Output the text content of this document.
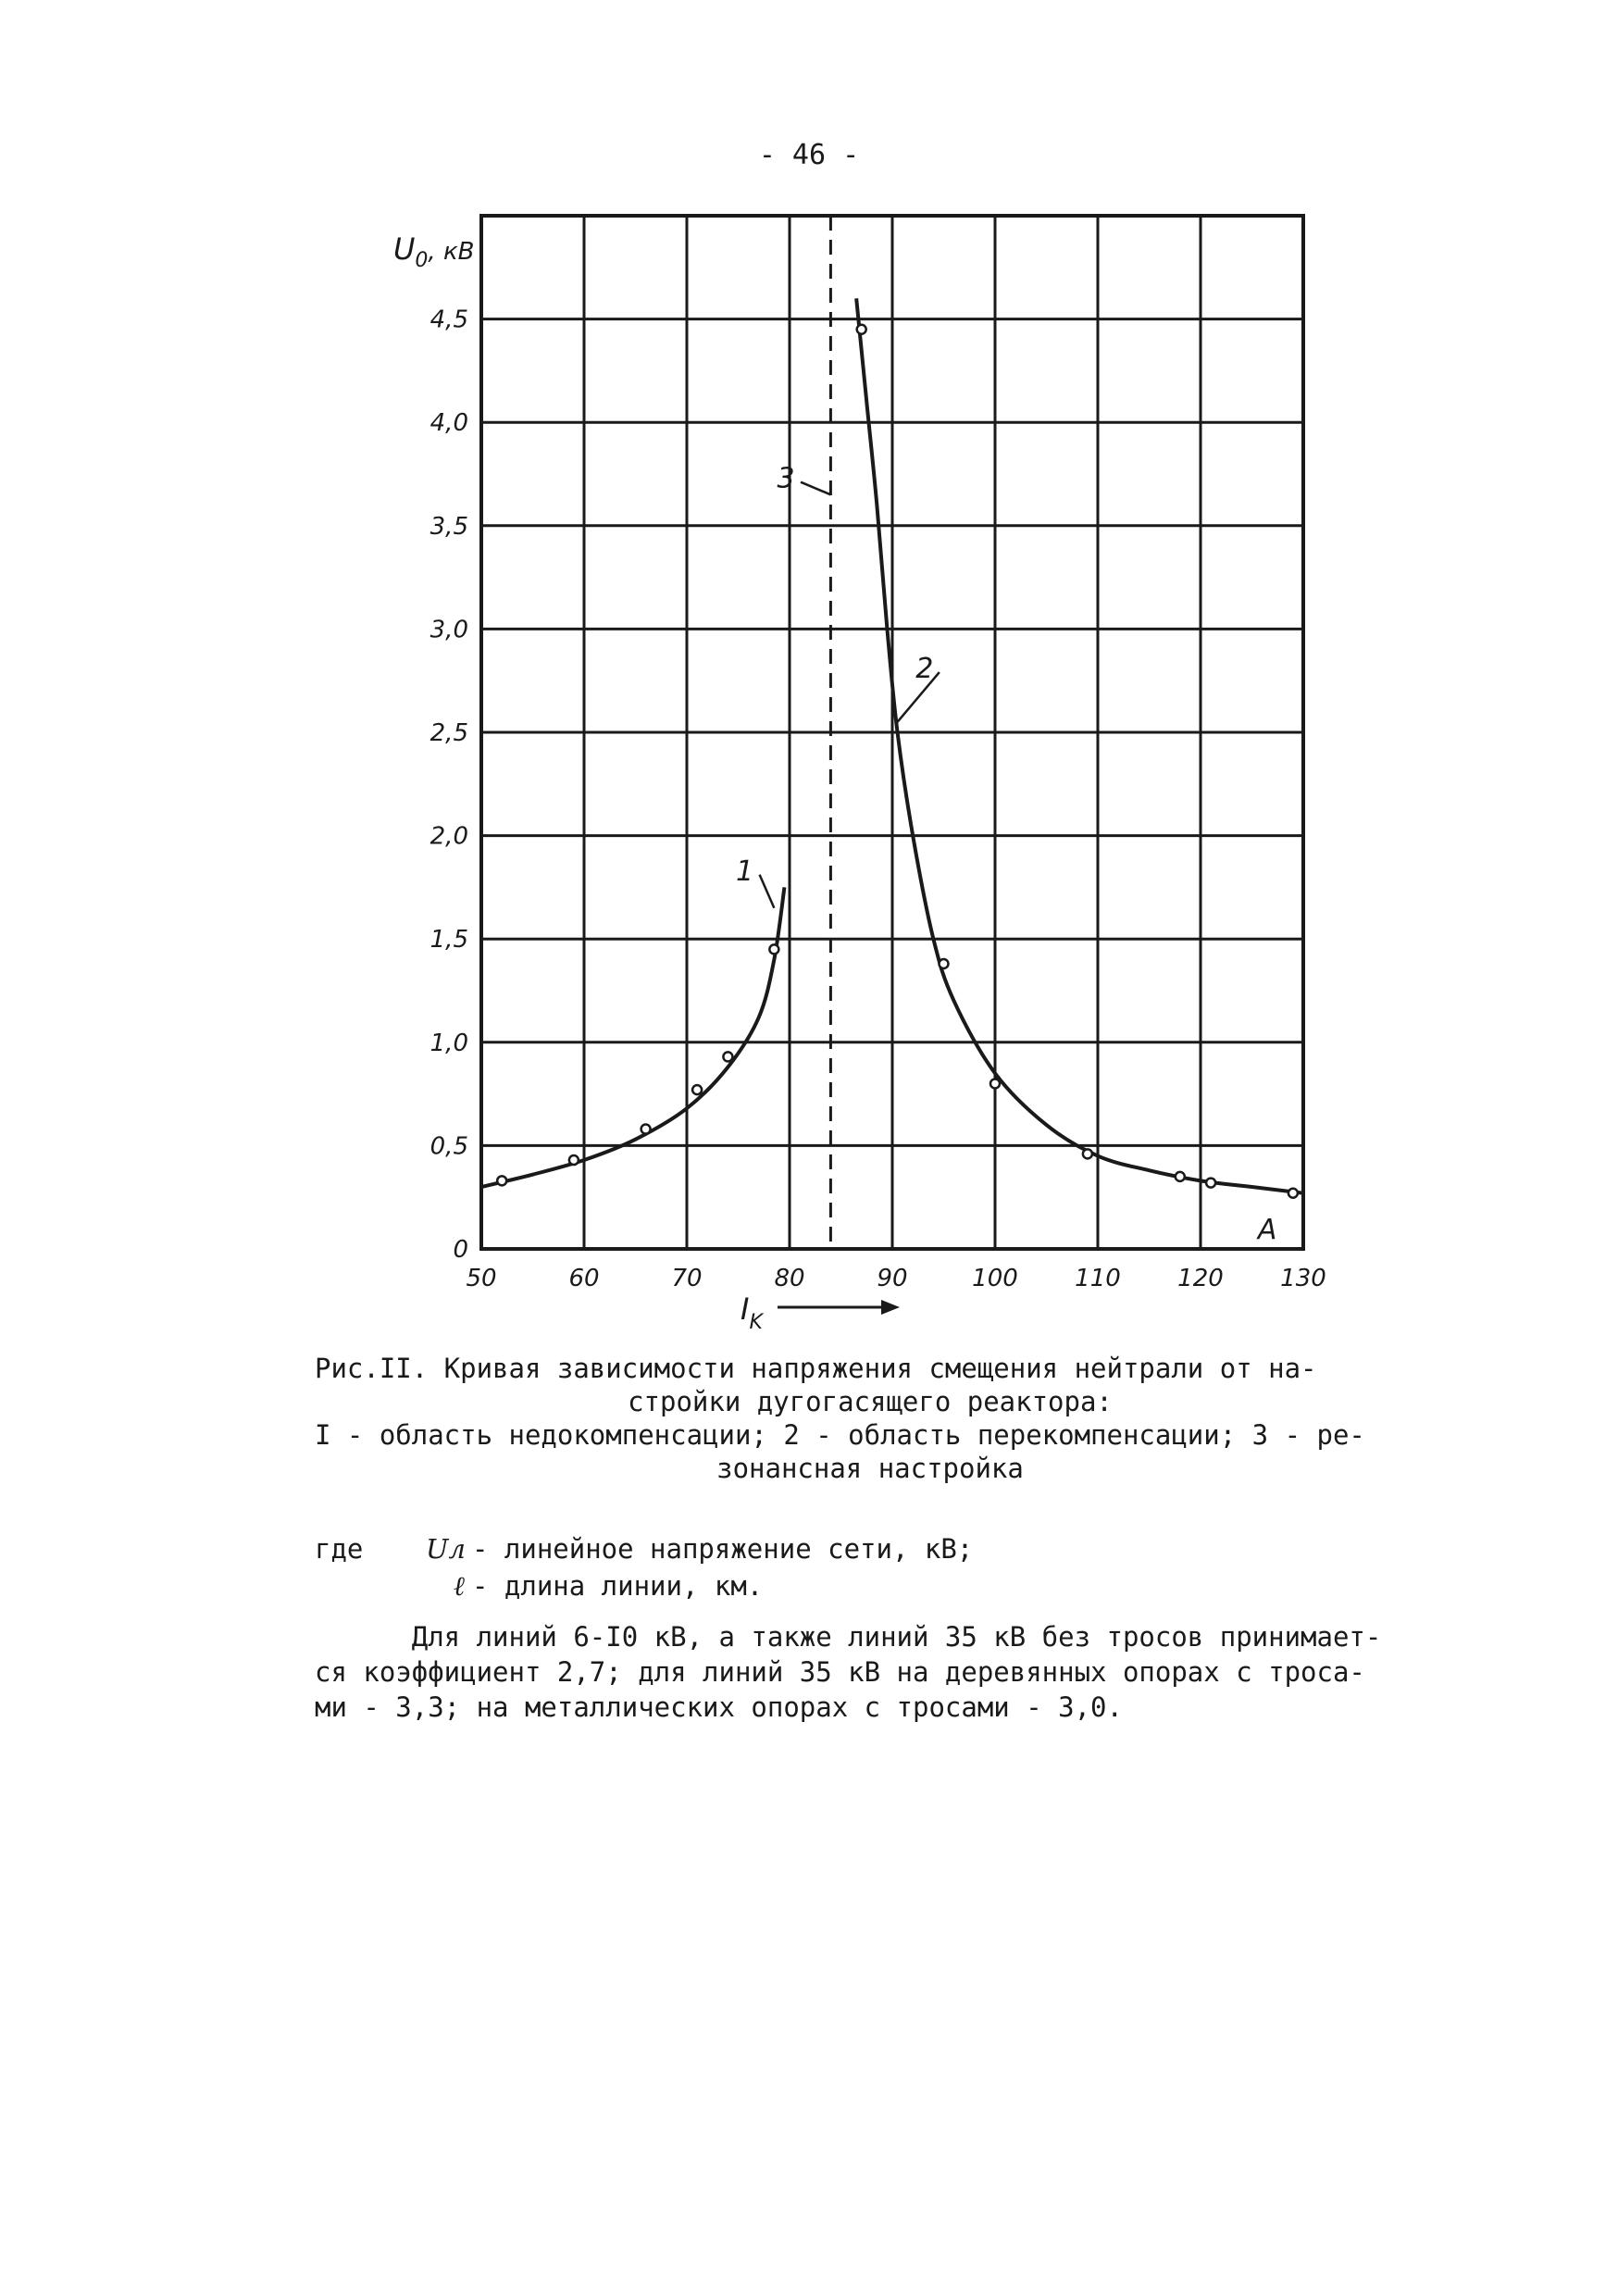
- 46 -
0
0,5
1,0
1,5
2,0
2,5
3,0
3,5
4,0
4,5
50	60	70	80	90	100 110 120 130
1
2
3
A
$U_0^{, кВ}$
$I_K$
Рис.II. Кривая зависимости напряжения смещения нейтрали от на-
стройки дугогасящего реактора:
I - область недокомпенсации; 2 - область перекомпенсации; 3 - ре-
зонансная настройка
где	Uл - линейное напряжение сети, кВ;
ℓ - длина линии, км.
Для линий 6-I0 кВ, а также линий 35 кВ без тросов принимает-
ся коэффициент 2,7; для линий 35 кВ на деревянных опорах с троса-
ми - 3,3; на металлических опорах с тросами - 3,0.
